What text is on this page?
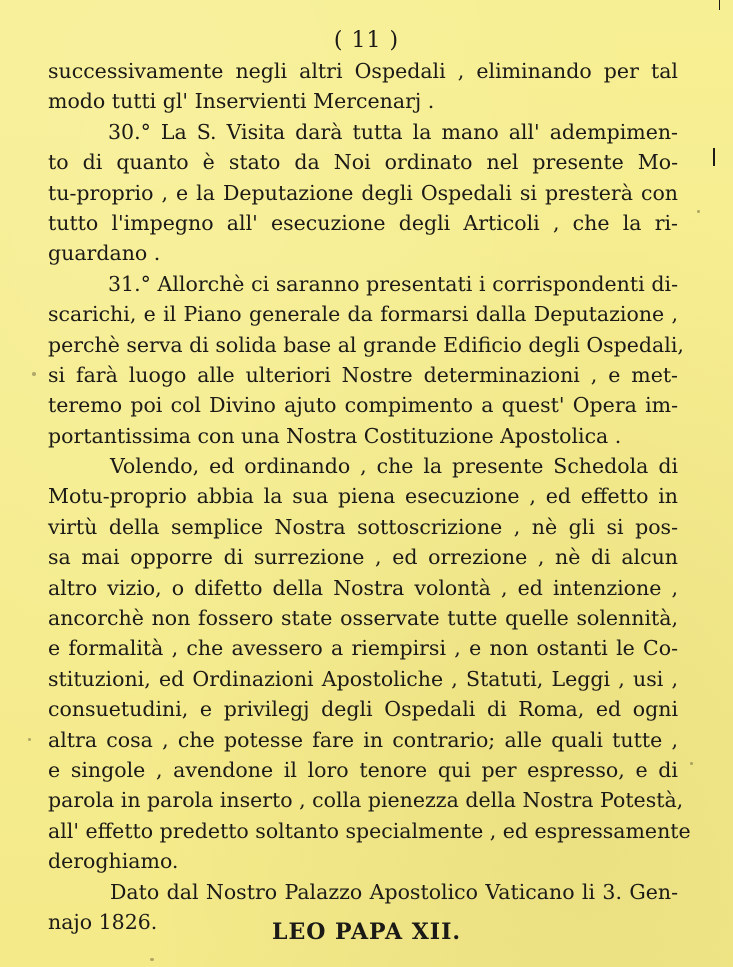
( 11 )
successivamente negli altri Ospedali , eliminando per tal
modo tutti gl' Inservienti Mercenarj .
30.° La S. Visita darà tutta la mano all' adempimen-
to di quanto è stato da Noi ordinato nel presente Mo-
tu-proprio , e la Deputazione degli Ospedali si presterà con
tutto l'impegno all' esecuzione degli Articoli , che la ri-
guardano .
31.° Allorchè ci saranno presentati i corrispondenti di-
scarichi, e il Piano generale da formarsi dalla Deputazione ,
perchè serva di solida base al grande Edificio degli Ospedali,
si farà luogo alle ulteriori Nostre determinazioni , e met-
teremo poi col Divino ajuto compimento a quest' Opera im-
portantissima con una Nostra Costituzione Apostolica .
Volendo, ed ordinando , che la presente Schedola di
Motu-proprio abbia la sua piena esecuzione , ed effetto in
virtù della semplice Nostra sottoscrizione , nè gli si pos-
sa mai opporre di surrezione , ed orrezione , nè di alcun
altro vizio, o difetto della Nostra volontà , ed intenzione ,
ancorchè non fossero state osservate tutte quelle solennità,
e formalità , che avessero a riempirsi , e non ostanti le Co-
stituzioni, ed Ordinazioni Apostoliche , Statuti, Leggi , usi ,
consuetudini, e privilegj degli Ospedali di Roma, ed ogni
altra cosa , che potesse fare in contrario; alle quali tutte ,
e singole , avendone il loro tenore qui per espresso, e di
parola in parola inserto , colla pienezza della Nostra Potestà,
all' effetto predetto soltanto specialmente , ed espressamente
deroghiamo.
Dato dal Nostro Palazzo Apostolico Vaticano li 3. Gen-
najo 1826.	LEO PAPA XII.
